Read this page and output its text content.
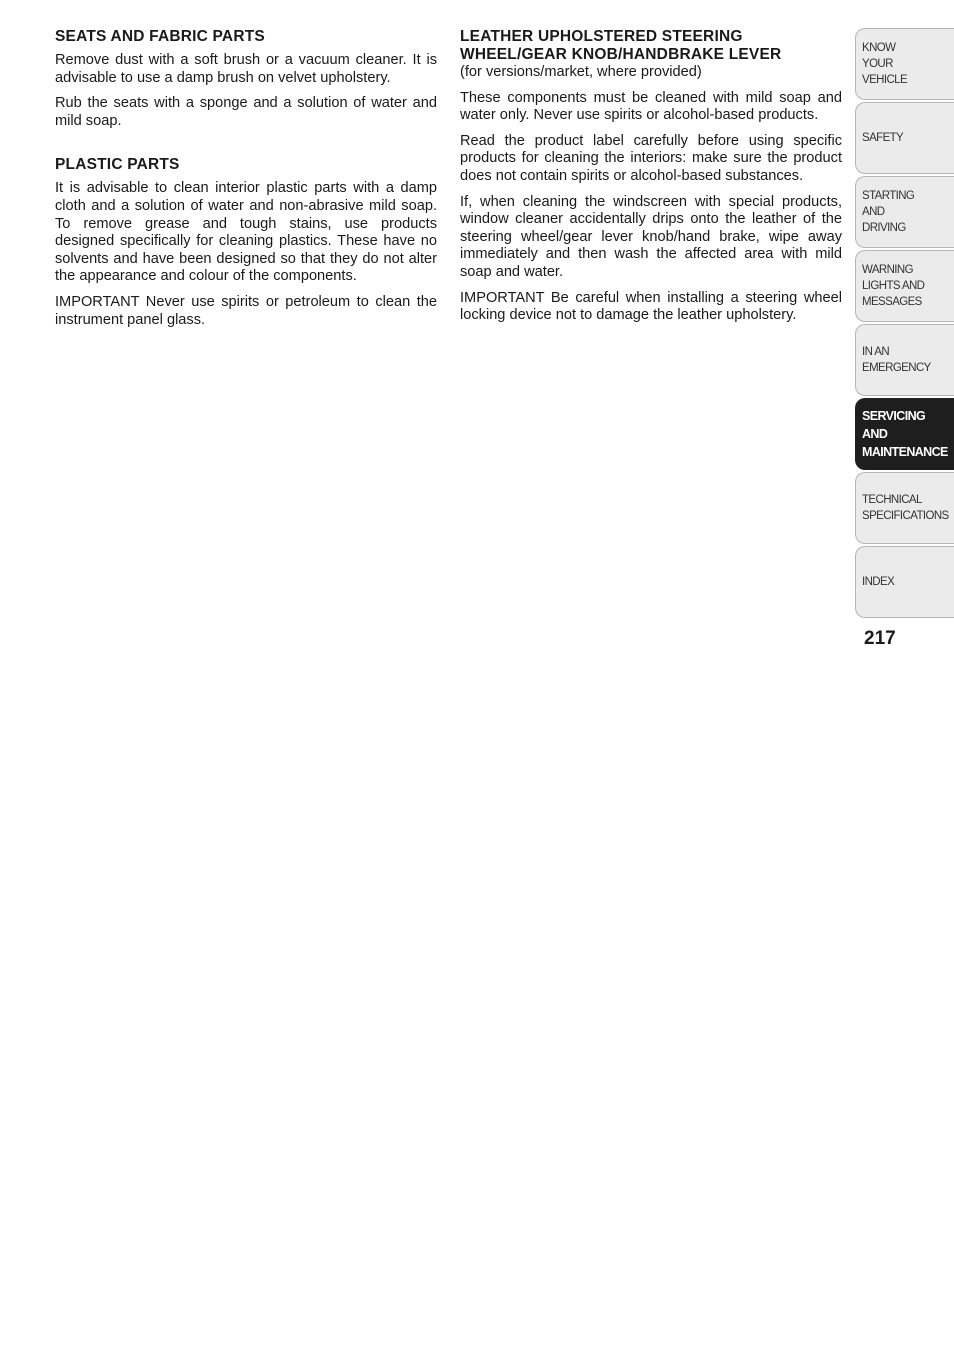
SEATS AND FABRIC PARTS

Remove dust with a soft brush or a vacuum cleaner. It is advisable to use a damp brush on velvet upholstery.

Rub the seats with a sponge and a solution of water and mild soap.

PLASTIC PARTS

It is advisable to clean interior plastic parts with a damp cloth and a solution of water and non-abrasive mild soap. To remove grease and tough stains, use products designed specifically for cleaning plastics. These have no solvents and have been designed so that they do not alter the appearance and colour of the components.

IMPORTANT Never use spirits or petroleum to clean the instrument panel glass.

LEATHER UPHOLSTERED STEERING WHEEL/GEAR KNOB/HANDBRAKE LEVER

(for versions/market, where provided)

These components must be cleaned with mild soap and water only. Never use spirits or alcohol-based products.

Read the product label carefully before using specific products for cleaning the interiors: make sure the product does not contain spirits or alcohol-based substances.

If, when cleaning the windscreen with special products, window cleaner accidentally drips onto the leather of the steering wheel/gear lever knob/hand brake, wipe away immediately and then wash the affected area with mild soap and water.

IMPORTANT Be careful when installing a steering wheel locking device not to damage the leather upholstery.

KNOW
YOUR
VEHICLE
SAFETY
STARTING
AND
DRIVING
WARNING
LIGHTS AND
MESSAGES
IN AN
EMERGENCY
SERVICING
AND
MAINTENANCE
TECHNICAL
SPECIFICATIONS
INDEX
217
